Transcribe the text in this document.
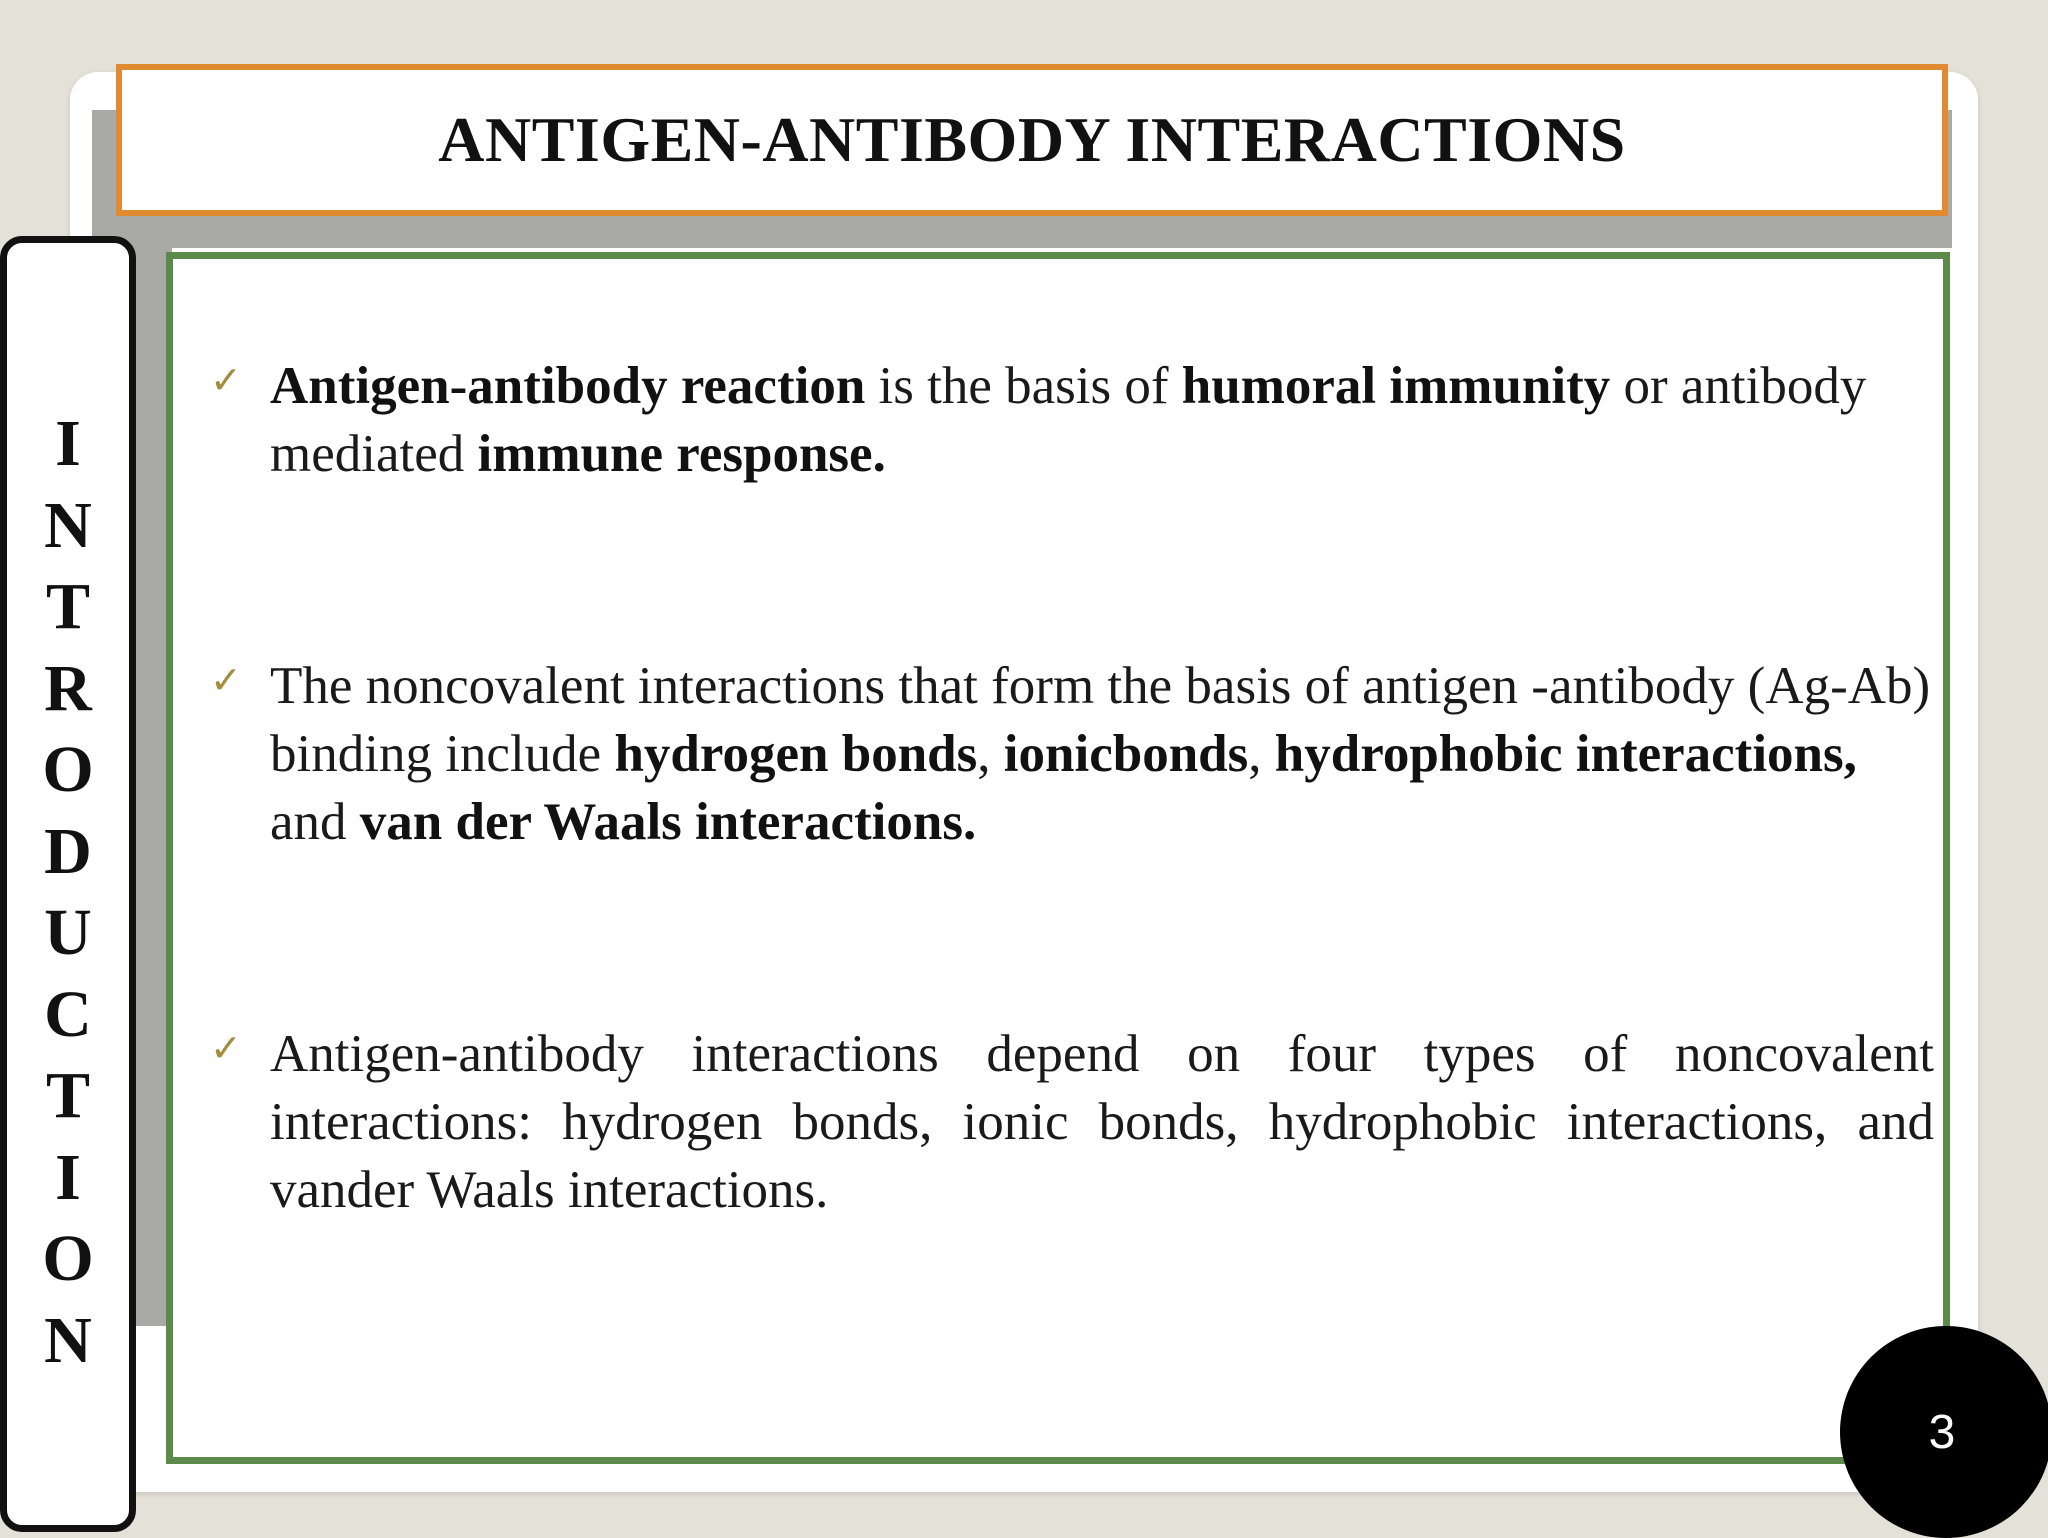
ANTIGEN-ANTIBODY INTERACTIONS
I
N
T
R
O
D
U
C
T
I
O
N
✓ Antigen-antibody reaction is the basis of humoral immunity or antibody mediated immune response.
✓ The noncovalent interactions that form the basis of antigen -antibody (Ag-Ab) binding include hydrogen bonds, ionicbonds, hydrophobic interactions, and van der Waals interactions.
✓ Antigen-antibody interactions depend on four types of noncovalent interactions: hydrogen bonds, ionic bonds, hydrophobic interactions, and vander Waals interactions.
3
